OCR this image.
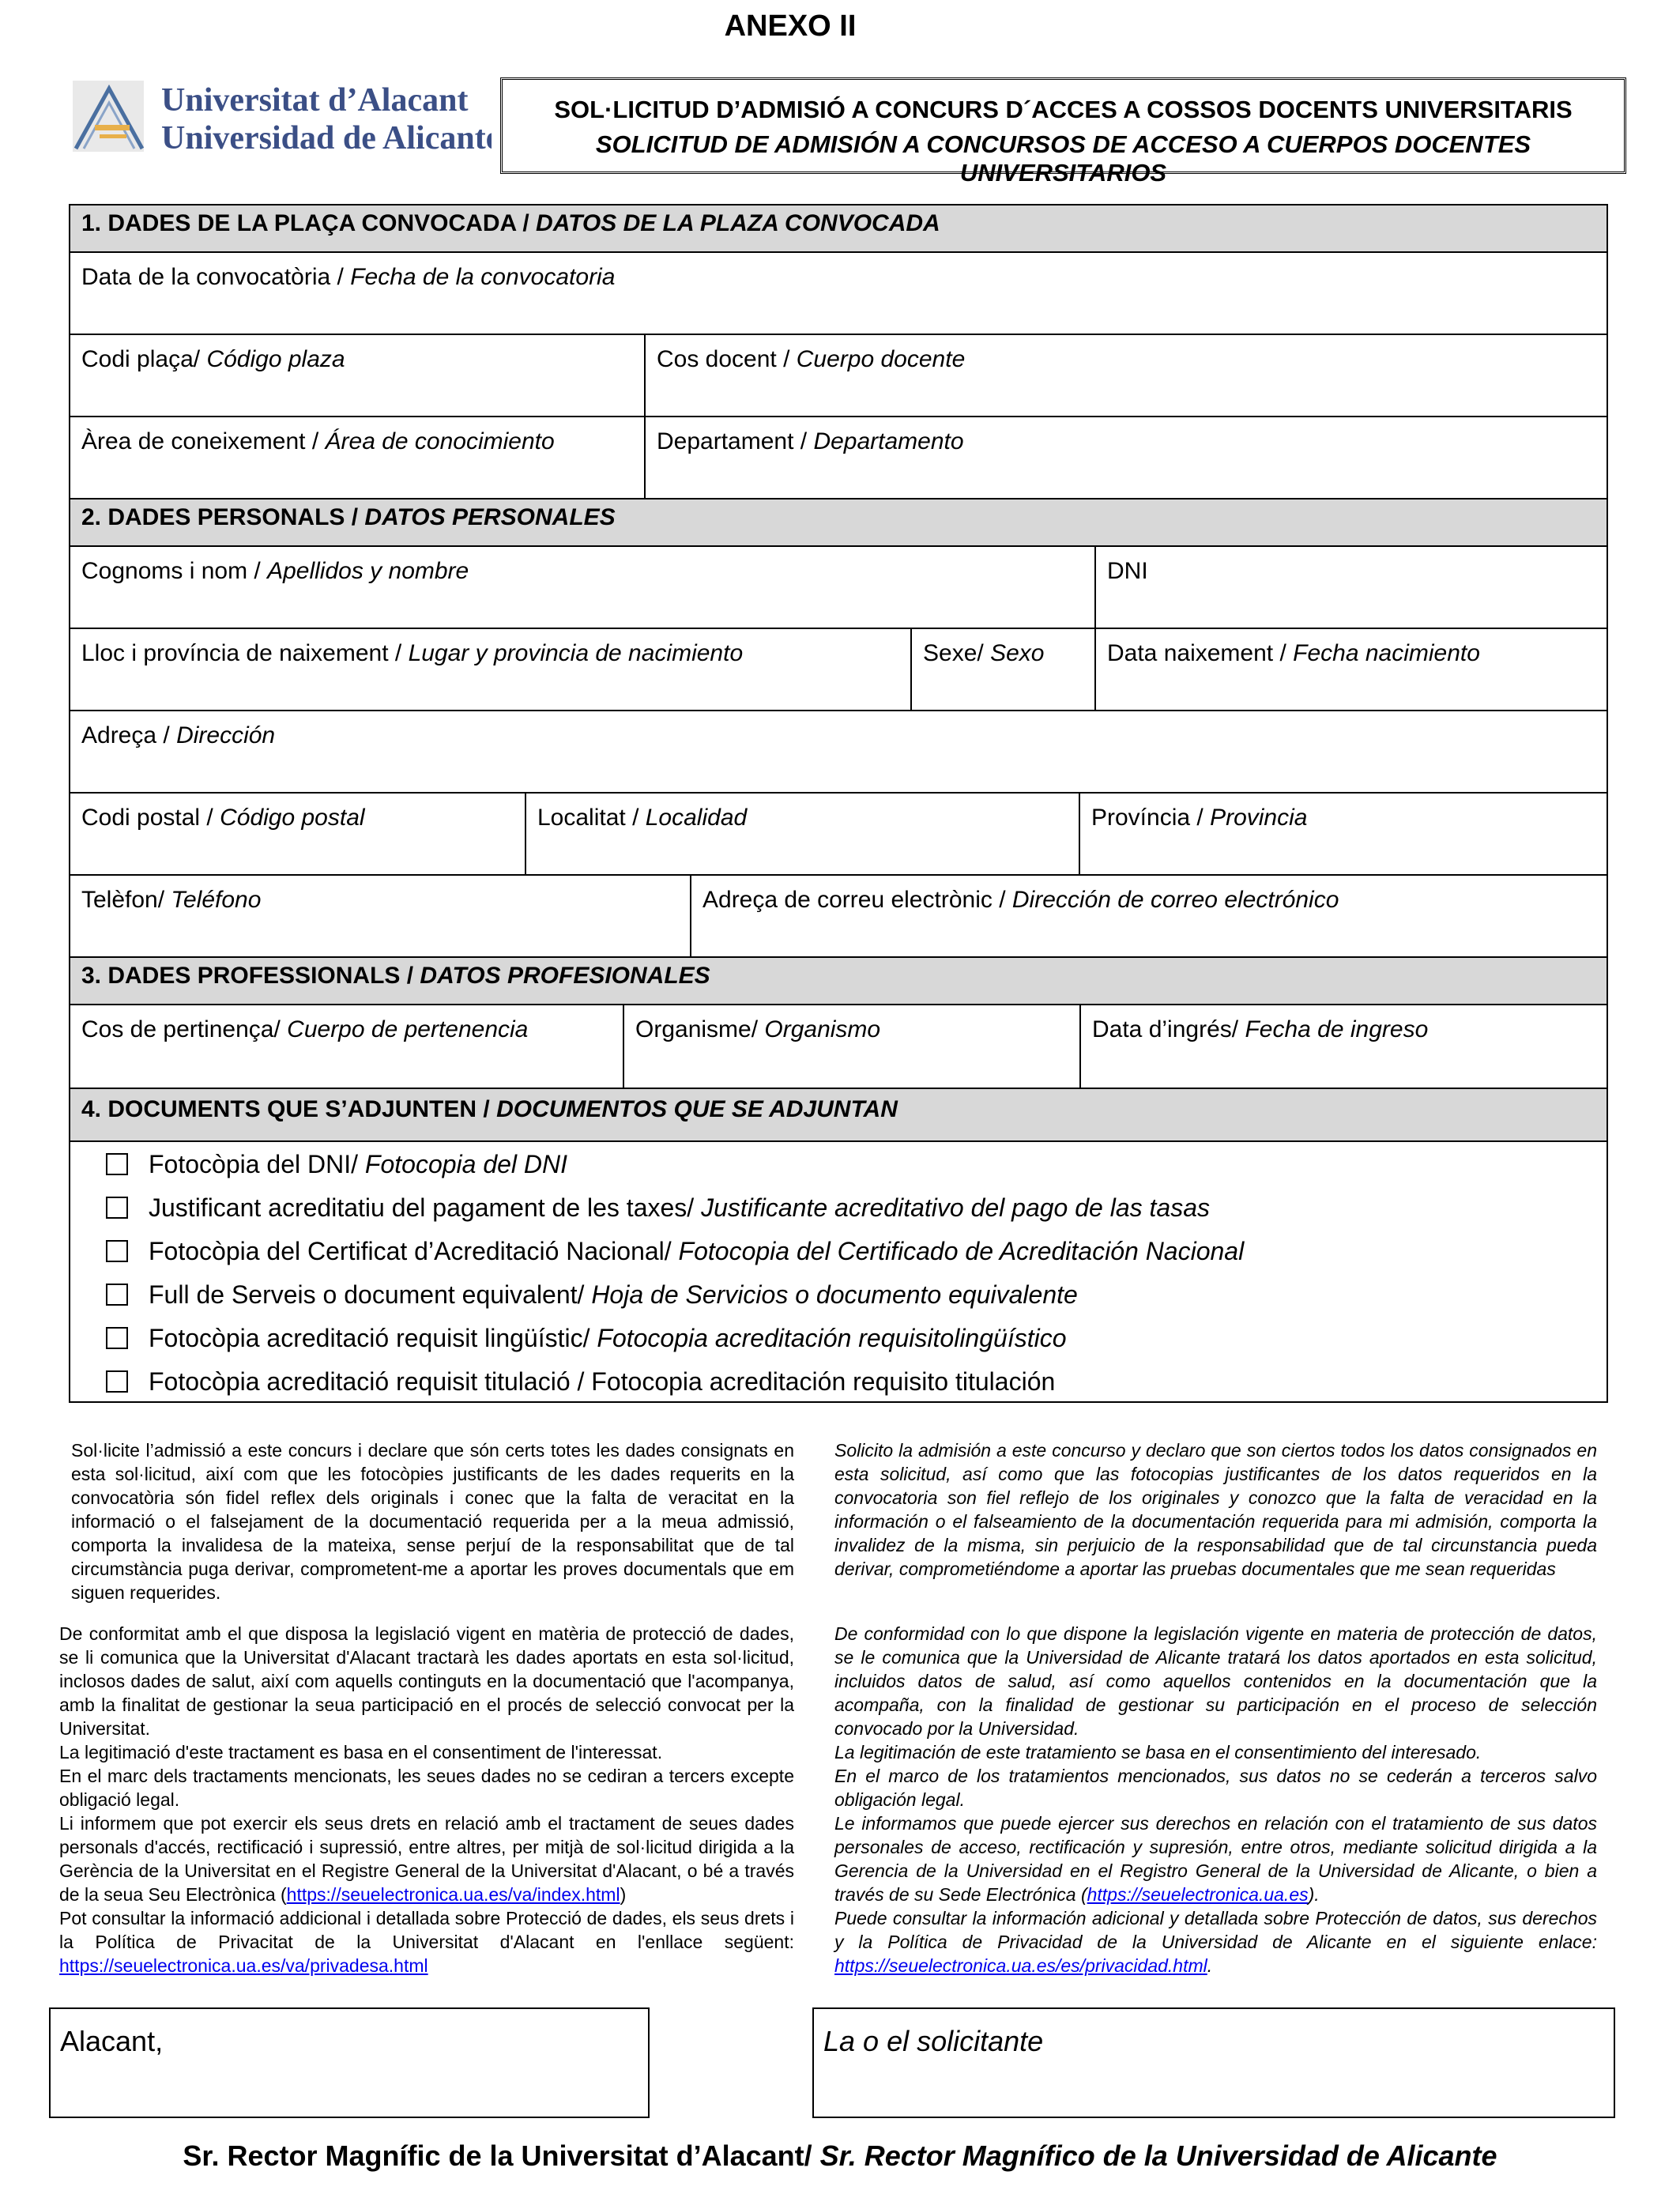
ANEXO II
Universitat d’Alacant
Universidad de Alicante
SOL·LICITUD D’ADMISIÓ A CONCURS D´ACCES A COSSOS DOCENTS UNIVERSITARIS
SOLICITUD DE ADMISIÓN A CONCURSOS DE ACCESO A CUERPOS DOCENTES UNIVERSITARIOS
1. DADES DE LA PLAÇA CONVOCADA / DATOS DE LA PLAZA CONVOCADA
Data de la convocatòria / Fecha de la convocatoria
Codi plaça/ Código plaza	Cos docent / Cuerpo docente
Àrea de coneixement / Área de conocimiento	Departament / Departamento
2. DADES PERSONALS / DATOS PERSONALES
Cognoms i nom / Apellidos y nombre	DNI
Lloc i província de naixement / Lugar y provincia de nacimiento	Sexe/ Sexo	Data naixement / Fecha nacimiento
Adreça / Dirección
Codi postal / Código postal	Localitat / Localidad	Província / Provincia
Telèfon/ Teléfono	Adreça de correu electrònic / Dirección de correo electrónico
3. DADES PROFESSIONALS / DATOS PROFESIONALES
Cos de pertinença/ Cuerpo de pertenencia	Organisme/ Organismo	Data d’ingrés/ Fecha de ingreso
4. DOCUMENTS QUE S’ADJUNTEN / DOCUMENTOS QUE SE ADJUNTAN
Fotocòpia del DNI/ Fotocopia del DNI
Justificant acreditatiu del pagament de les taxes/ Justificante acreditativo del pago de las tasas
Fotocòpia del Certificat d’Acreditació Nacional/ Fotocopia del Certificado de Acreditación Nacional
Full de Serveis o document equivalent/ Hoja de Servicios o documento equivalente
Fotocòpia acreditació requisit lingüístic/ Fotocopia acreditación requisitolingüístico
Fotocòpia acreditació requisit titulació / Fotocopia acreditación requisito titulación

Sol·licite l’admissió a este concurs i declare que són certs totes les dades consignats en esta sol·licitud, així com que les fotocòpies justificants de les dades requerits en la convocatòria són fidel reflex dels originals i conec que la falta de veracitat en la informació o el falsejament de la documentació requerida per a la meua admissió, comporta la invalidesa de la mateixa, sense perjuí de la responsabilitat que de tal circumstància puga derivar, comprometent-me a aportar les proves documentals que em siguen requerides.

Solicito la admisión a este concurso y declaro que son ciertos todos los datos consignados en esta solicitud, así como que las fotocopias justificantes de los datos requeridos en la convocatoria son fiel reflejo de los originales y conozco que la falta de veracidad en la información o el falseamiento de la documentación requerida para mi admisión, comporta la invalidez de la misma, sin perjuicio de la responsabilidad que de tal circunstancia pueda derivar, comprometiéndome a aportar las pruebas documentales que me sean requeridas

De conformitat amb el que disposa la legislació vigent en matèria de protecció de dades, se li comunica que la Universitat d'Alacant tractarà les dades aportats en esta sol·licitud, inclosos dades de salut, així com aquells continguts en la documentació que l'acompanya, amb la finalitat de gestionar la seua participació en el procés de selecció convocat per la Universitat.

La legitimació d'este tractament es basa en el consentiment de l'interessat.

En el marc dels tractaments mencionats, les seues dades no se cediran a tercers excepte obligació legal.

Li informem que pot exercir els seus drets en relació amb el tractament de seues dades personals d'accés, rectificació i supressió, entre altres, per mitjà de sol·licitud dirigida a la Gerència de la Universitat en el Registre General de la Universitat d'Alacant, o bé a través de la seua Seu Electrònica (https://seuelectronica.ua.es/va/index.html)

Pot consultar la informació addicional i detallada sobre Protecció de dades, els seus drets i la Política de Privacitat de la Universitat d'Alacant en l'enllace següent: https://seuelectronica.ua.es/va/privadesa.html

De conformidad con lo que dispone la legislación vigente en materia de protección de datos, se le comunica que la Universidad de Alicante tratará los datos aportados en esta solicitud, incluidos datos de salud, así como aquellos contenidos en la documentación que la acompaña, con la finalidad de gestionar su participación en el proceso de selección convocado por la Universidad.

La legitimación de este tratamiento se basa en el consentimiento del interesado.

En el marco de los tratamientos mencionados, sus datos no se cederán a terceros salvo obligación legal.

Le informamos que puede ejercer sus derechos en relación con el tratamiento de sus datos personales de acceso, rectificación y supresión, entre otros, mediante solicitud dirigida a la Gerencia de la Universidad en el Registro General de la Universidad de Alicante, o bien a través de su Sede Electrónica (https://seuelectronica.ua.es).

Puede consultar la información adicional y detallada sobre Protección de datos, sus derechos y la Política de Privacidad de la Universidad de Alicante en el siguiente enlace: https://seuelectronica.ua.es/es/privacidad.html.

Alacant,	La o el solicitante
Sr. Rector Magnífic de la Universitat d’Alacant/ Sr. Rector Magnífico de la Universidad de Alicante
